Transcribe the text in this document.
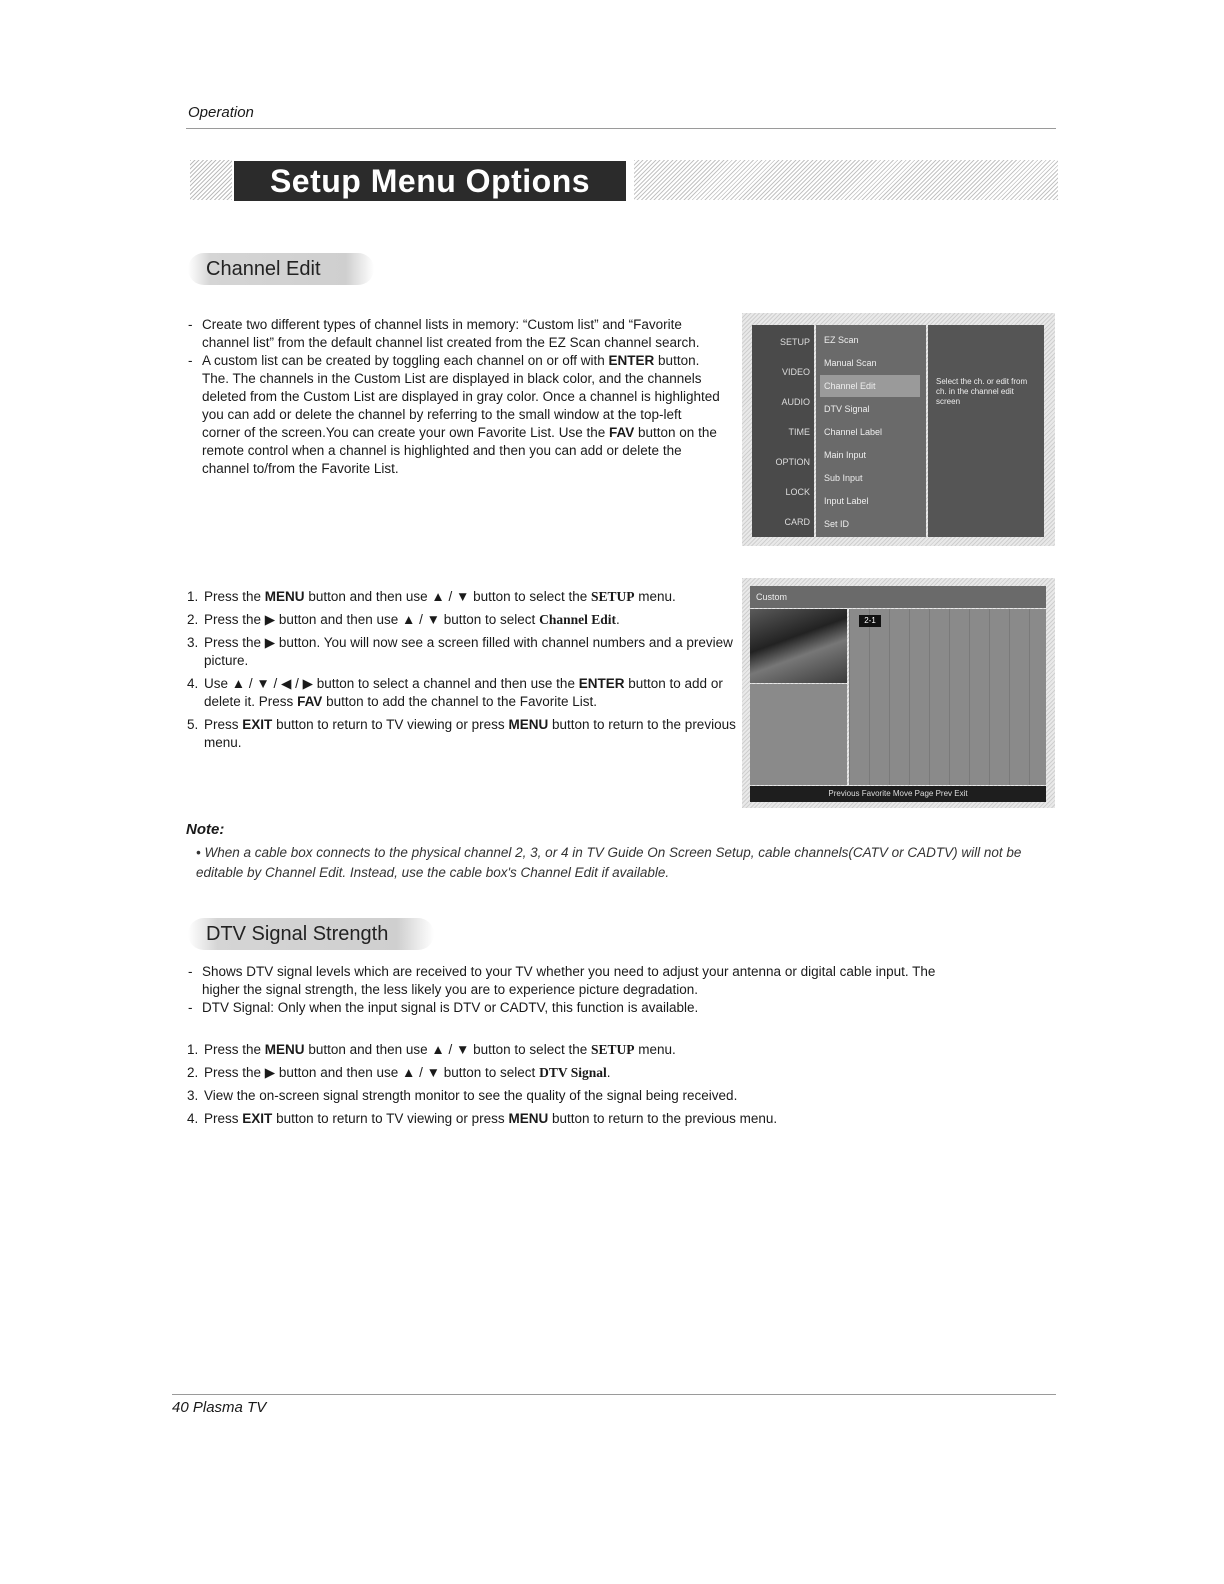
Operation
Setup Menu Options
Channel Edit
- Create two different types of channel lists in memory: “Custom list” and “Favorite channel list” from the default channel list created from the EZ Scan channel search.
- A custom list can be created by toggling each channel on or off with ENTER button. The. The channels in the Custom List are displayed in black color, and the channels deleted from the Custom List are displayed in gray color. Once a channel is highlighted you can add or delete the channel by referring to the small window at the top-left corner of the screen.You can create your own Favorite List. Use the FAV button on the remote control when a channel is highlighted and then you can add or delete the channel to/from the Favorite List.
SETUP
VIDEO
AUDIO
TIME
OPTION
LOCK
CARD
EZ Scan
Manual Scan
Channel Edit
DTV Signal
Channel Label
Main Input
Sub Input
Input Label
Set ID
Select the ch. or edit from ch. in the channel edit screen
1. Press the MENU button and then use ▲ / ▼ button to select the SETUP menu.
2. Press the ▶ button and then use ▲ / ▼ button to select Channel Edit.
3. Press the ▶ button. You will now see a screen filled with channel numbers and a preview picture.
4. Use ▲ / ▼ / ◀ / ▶ button to select a channel and then use the ENTER button to add or delete it. Press FAV button to add the channel to the Favorite List.
5. Press EXIT button to return to TV viewing or press MENU button to return to the previous menu.
Custom
2-1
Previous Favorite Move Page Prev Exit
Note:
• When a cable box connects to the physical channel 2, 3, or 4 in TV Guide On Screen Setup, cable channels(CATV or CADTV) will not be editable by Channel Edit. Instead, use the cable box's Channel Edit if available.
DTV Signal Strength
- Shows DTV signal levels which are received to your TV whether you need to adjust your antenna or digital cable input. The higher the signal strength, the less likely you are to experience picture degradation.
- DTV Signal: Only when the input signal is DTV or CADTV, this function is available.
1. Press the MENU button and then use ▲ / ▼ button to select the SETUP menu.
2. Press the ▶ button and then use ▲ / ▼ button to select DTV Signal.
3. View the on-screen signal strength monitor to see the quality of the signal being received.
4. Press EXIT button to return to TV viewing or press MENU button to return to the previous menu.
40 Plasma TV
